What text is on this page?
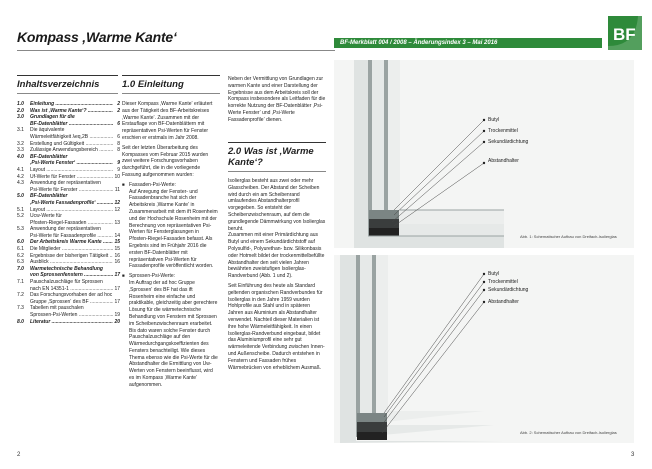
Kompass ‚Warme Kante‘	BF-Merkblatt 004 / 2008 – Änderungsindex 3 – Mai 2016	BF
Inhaltsverzeichnis
1.0	Einleitung .....	2
2.0	Was ist ‚Warme Kante‘? .....	2
3.0	Grundlagen für die
BF-Datenblätter .....	6
3.1	Die äquivalente
Wärmeleitfähigkeit λeq,2B .....	6
3.2	Erstellung und Gültigkeit .....	8
3.3	Zulässige Anwendungsbereich .....	8
4.0	BF-Datenblätter
‚Psi-Werte Fenster‘ .....	9
4.1	Layout .....	9
4.2	Uf-Werte für Fenster .....	10
4.3	Anwendung der repräsentativen
Psi-Werte für Fenster .....	11
5.0	BF-Datenblätter
‚Psi-Werte Fassadenprofile‘ .....	12
5.1	Layout .....	12
5.2	Ucw-Werte für
Pfosten-Riegel-Fassaden .....	13
5.3	Anwendung der repräsentativen
Psi-Werte für Fassadenprofile .....	14
6.0	Der Arbeitskreis Warme Kante .....	15
6.1	Die Mitglieder .....	15
6.2	Ergebnisse der bisherigen Tätigkeit .....	16
6.3	Ausblick .....	16
7.0	Warmetechnische Behandlung
von Sprossenfenstern .....	17
7.1	Pauschalzuschläge für Sprossen
nach EN 14351-1 .....	17
7.2	Das Forschungsvorhaben der ad hoc
Gruppe ‚Sprossen‘ des BF .....	17
7.3	Tabellen mit pauschalen
Sprossen-Psi-Werten .....	19
8.0	Literatur .....	20
1.0 Einleitung

Dieser Kompass ‚Warme Kante‘ erläutert aus der Tätigkeit des BF-Arbeitskreises ‚Warme Kante‘. Zusammen mit der Erstauflage von BF-Datenblättern mit repräsentativen Psi-Werten für Fenster erschien er erstmals im Jahr 2008.

Seit der letzten Überarbeitung des Kompasses vom Februar 2015 wurden zwei weitere Forschungsvorhaben durchgeführt, die in die vorliegende Fassung aufgenommen wurden:

■ Fassaden-Psi-Werte:

Auf Anregung der Fenster- und Fassadenbranche hat sich der Arbeitskreis ‚Warme Kante‘ in Zusammenarbeit mit dem ift Rosenheim und der Hochschule Rosenheim mit der Berechnung von repräsentativen Psi-Werten für Fensterglasungen in Pfosten-Riegel-Fassaden befasst. Als Ergebnis sind im Frühjahr 2016 die ersten BF-Datenblätter mit repräsentativen Psi-Werten für Fassadenprofile veröffentlicht worden.

■ Sprossen-Psi-Werte:

Im Auftrag der ad hoc Gruppe ‚Sprossen‘ des BF hat das ift Rosenheim eine einfache und praktikable, gleichzeitig aber gerechtere Lösung für die wärmetechnische Behandlung von Fenstern mit Sprossen im Scheibenzwischenraum erarbeitet. Bis dato waren solche Fenster durch Pauschalzuschläge auf den Wärmedurchgangskoeffizienten des Fensters benachteiligt. Wie dieses Thema ebenso wie die Psi-Werte für die Abstandhalter die Ermittlung von Uw-Werten von Fenstern beeinflusst, wird es im Kompass ‚Warme Kante‘ aufgenommen.

Neben der Vermittlung von Grundlagen zur warmen Kante und einer Darstellung der Ergebnisse aus dem Arbeitskreis soll der Kompass insbesondere als Leitfaden für die korrekte Nutzung der BF-Datenblätter ‚Psi-Werte Fenster‘ und ‚Psi-Werte Fassadenprofile‘ dienen.

2.0 Was ist ‚Warme Kante‘?

Isolierglas besteht aus zwei oder mehr Glasscheiben. Der Abstand der Scheiben wird durch ein am Scheibenrand umlaufendes Abstandhalterprofil vorgegeben. So entsteht der Scheibenzwischenraum, auf dem die grundlegende Dämmwirkung von Isolierglas beruht.

Zusammen mit einer Primärdichtung aus Butyl und einem Sekundärdichtstoff auf Polysulfid-, Polyurethan- bzw. Silikonbasis oder Hotmelt bildet der trockenmittelbefüllte Abstandhalter den seit vielen Jahren bewährten zweistufigen Isolierglas-Randverbund (Abb. 1 und 2).

Seit Einführung des heute als Standard geltenden organischen Randverbundes für Isolierglas in den Jahre 1959 wurden Hohlprofile aus Stahl und in späteren Jahren aus Aluminium als Abstandhalter verwendet. Nachteil dieser Materialien ist ihre hohe Wärmeleitfähigkeit. In einen Isolierglas-Randverbund eingebaut, bildet das Aluminiumprofil eine sehr gut wärmeleitende Verbindung zwischen Innen- und Außenscheibe. Dadurch entstehen in Fenstern und Fassaden frühes Wärmebrücken von erheblichem Ausmaß.

Butyl
Trockenmittel
Sekundärdichtung
Abstandhalter
Abb. 1: Schematischer Aufbau von Dreifach-Isolierglas
Butyl
Trockenmittel
Sekundärdichtung
Abstandhalter
Abb. 2: Schematischer Aufbau von Dreifach-Isolierglas
2	3
